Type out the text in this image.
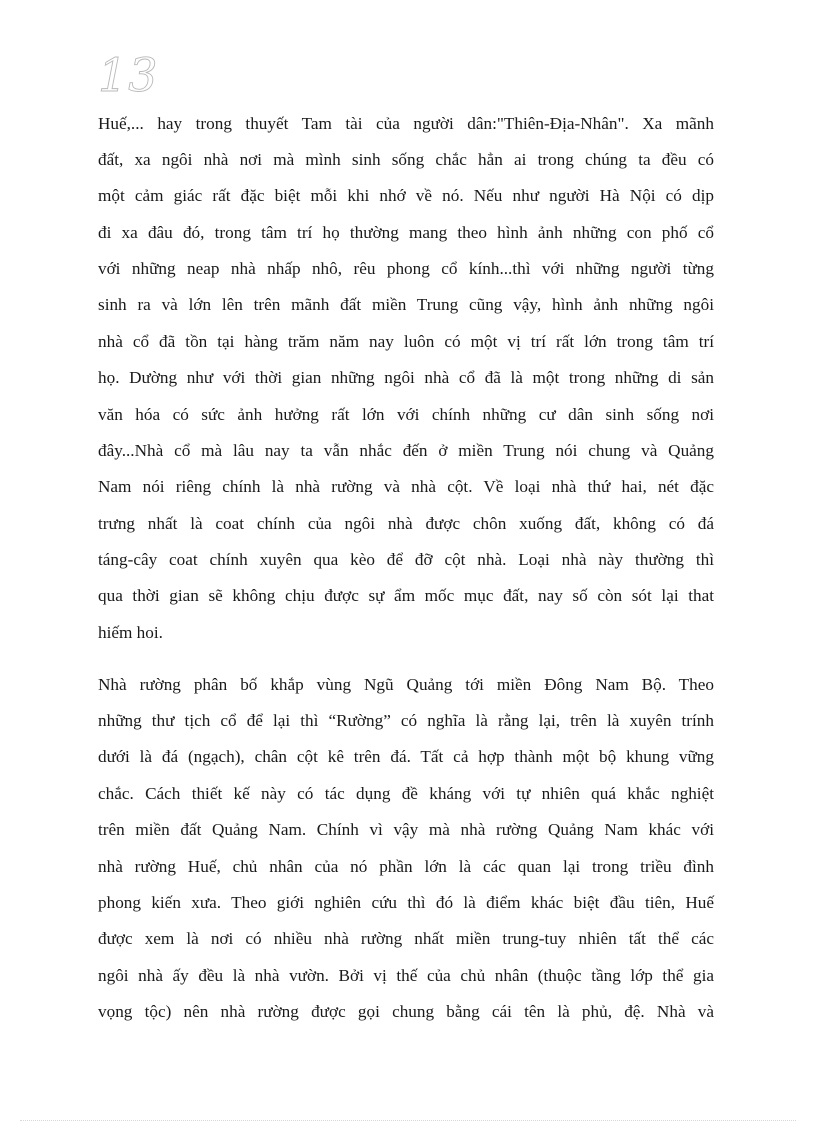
13
Huế,... hay trong thuyết Tam tài của người dân:"Thiên-Địa-Nhân". Xa mãnh
đất, xa ngôi nhà nơi mà mình sinh sống chắc hẳn ai trong chúng ta đều có
một cảm giác rất đặc biệt mỗi khi nhớ về nó. Nếu như người Hà Nội có dịp
đi xa đâu đó, trong tâm trí họ thường mang theo hình ảnh những con phố cổ
với những neap nhà nhấp nhô, rêu phong cổ kính...thì với những người từng
sinh ra và lớn lên trên mãnh đất miền Trung cũng vậy, hình ảnh những ngôi
nhà cổ đã tồn tại hàng trăm năm nay luôn có một vị trí rất lớn trong tâm trí
họ. Dường như với thời gian những ngôi nhà cổ đã là một trong những di sản
văn hóa có sức ảnh hưởng rất lớn với chính những cư dân sinh sống nơi
đây...Nhà cổ mà lâu nay ta vẫn nhắc đến ở miền Trung nói chung và Quảng
Nam nói riêng chính là nhà rường và nhà cột. Về loại nhà thứ hai, nét đặc
trưng nhất là coat chính của ngôi nhà được chôn xuống đất, không có đá
táng-cây coat chính xuyên qua kèo để đỡ cột nhà. Loại nhà này thường thì
qua thời gian sẽ không chịu được sự ẩm mốc mục đất, nay số còn sót lại that
hiếm hoi.
Nhà rường phân bố khắp vùng Ngũ Quảng tới miền Đông Nam Bộ. Theo
những thư tịch cổ để lại thì “Rường” có nghĩa là rằng lại, trên là xuyên trính
dưới là đá (ngạch), chân cột kê trên đá. Tất cả hợp thành một bộ khung vững
chắc. Cách thiết kế này có tác dụng đề kháng với tự nhiên quá khắc nghiệt
trên miền đất Quảng Nam. Chính vì vậy mà nhà rường Quảng Nam khác với
nhà rường Huế, chủ nhân của nó phần lớn là các quan lại trong triều đình
phong kiến xưa. Theo giới nghiên cứu thì đó là điểm khác biệt đầu tiên, Huế
được xem là nơi có nhiều nhà rường nhất miền trung-tuy nhiên tất thể các
ngôi nhà ấy đều là nhà vườn. Bởi vị thế của chủ nhân (thuộc tầng lớp thể gia
vọng tộc) nên nhà rường được gọi chung bằng cái tên là phủ, đệ. Nhà và
